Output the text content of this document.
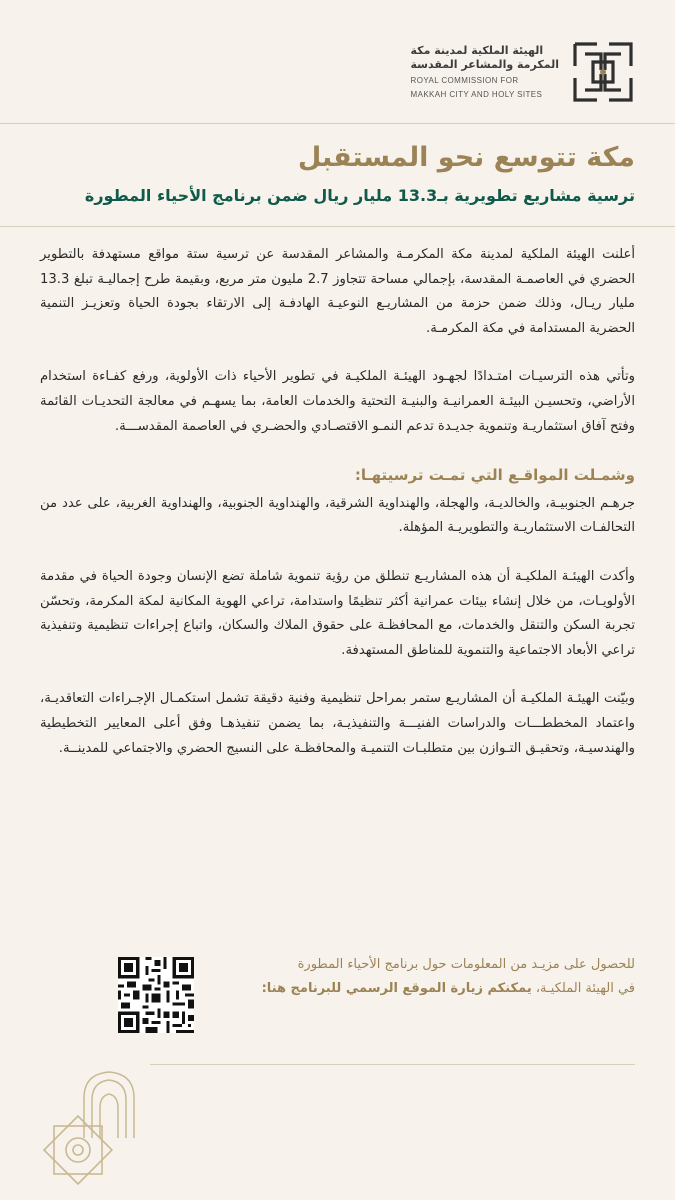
الهيئة الملكية لمدينة مكة
المكرمة والمشاعر المقدسة
ROYAL COMMISSION FOR
MAKKAH CITY AND HOLY SITES
مكة تتوسع نحو المستقبل
ترسية مشاريع تطويرية بـ13.3 مليار ريال ضمن برنامج الأحياء المطورة

أعلنت الهيئة الملكية لمدينة مكة المكرمـة والمشاعر المقدسة عن ترسية ستة مواقع مستهدفة بالتطوير الحضري في العاصمـة المقدسة، بإجمالي مساحة تتجاوز 2.7 مليون متر مربع، وبقيمة طرح إجماليـة تبلغ 13.3 مليار ريـال، وذلك ضمن حزمة من المشاريـع النوعيـة الهادفـة إلى الارتقاء بجودة الحياة وتعزيـز التنمية الحضرية المستدامة في مكة المكرمـة.

وتأتي هذه الترسيـات امتـدادًا لجهـود الهيئـة الملكيـة في تطوير الأحياء ذات الأولوية، ورفع كفـاءة استخدام الأراضي، وتحسيـن البيئـة العمرانيـة والبنيـة التحتية والخدمات العامة، بما يسهـم في معالجة التحديـات القائمة وفتح آفاق استثماريـة وتنموية جديـدة تدعم النمـو الاقتصـادي والحضـري في العاصمة المقدســـة.

وشمـلت المواقـع التي تمـت ترسيتهـا:

جرهـم الجنوبيـة، والخالديـة، والهجلة، والهنداوية الشرقية، والهنداوية الجنوبية، والهنداوية الغربية، على عدد من التحالفـات الاستثماريـة والتطويريـة المؤهلة.

وأكدت الهيئـة الملكيـة أن هذه المشاريـع تنطلق من رؤية تنموية شاملة تضع الإنسان وجودة الحياة في مقدمة الأولويـات، من خلال إنشاء بيئات عمرانية أكثر تنظيمًا واستدامة، تراعي الهوية المكانية لمكة المكرمة، وتحسّن تجربة السكن والتنقل والخدمات، مع المحافظـة على حقوق الملاك والسكان، واتباع إجراءات تنظيمية وتنفيذية تراعي الأبعاد الاجتماعية والتنموية للمناطق المستهدفة.

وبيّنت الهيئـة الملكيـة أن المشاريـع ستمر بمراحل تنظيمية وفنية دقيقة تشمل استكمـال الإجـراءات التعاقديـة، واعتماد المخططـــات والدراسات الفنيـــة والتنفيذيـة، بما يضمن تنفيذهـا وفق أعلى المعايير التخطيطية والهندسيـة، وتحقيـق التـوازن بين متطلبـات التنميـة والمحافظـة على النسيج الحضري والاجتماعي للمدينــة.

للحصول على مزيـد من المعلومات حول برنامج الأحياء المطورة
في الهيئة الملكيـة، يمكنكم زيارة الموقع الرسمي للبرنامج هنا:
